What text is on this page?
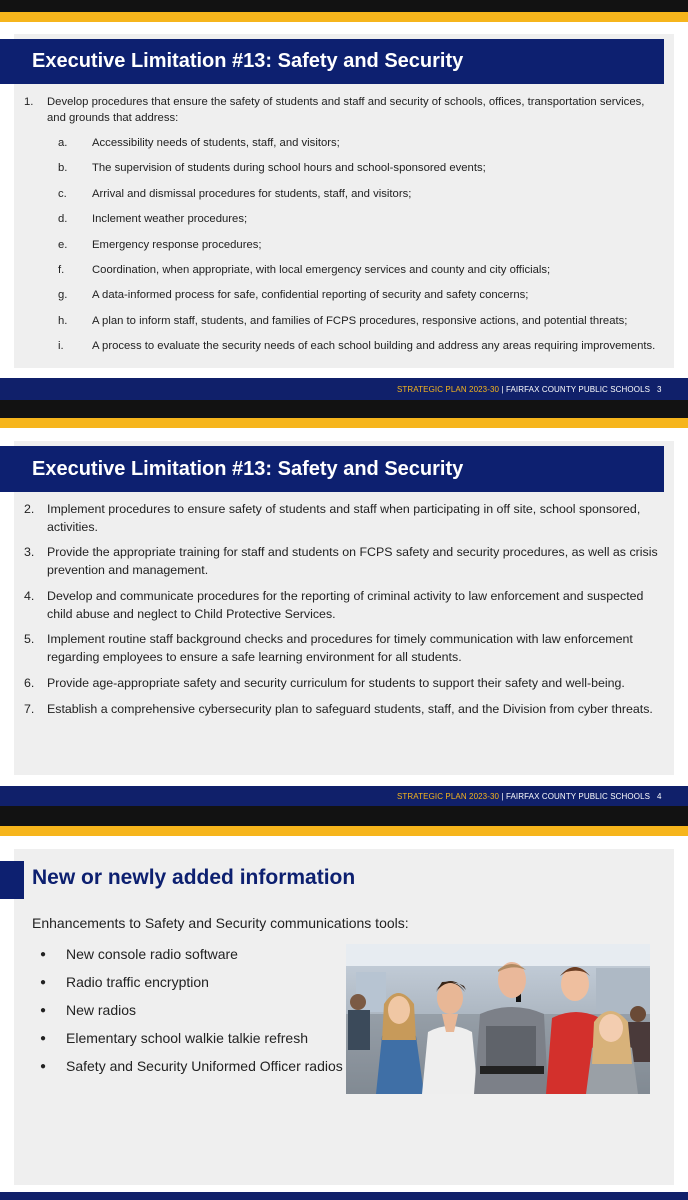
Executive Limitation #13: Safety and Security
1.	Develop procedures that ensure the safety of students and staff and security of schools, offices, transportation services, and grounds that address:
a.	Accessibility needs of students, staff, and visitors;
b.	The supervision of students during school hours and school-sponsored events;
c.	Arrival and dismissal procedures for students, staff, and visitors;
d.	Inclement weather procedures;
e.	Emergency response procedures;
f.	Coordination, when appropriate, with local emergency services and county and city officials;
g.	A data-informed process for safe, confidential reporting of security and safety concerns;
h.	A plan to inform staff, students, and families of FCPS procedures, responsive actions, and potential threats;
i.	A process to evaluate the security needs of each school building and address any areas requiring improvements.
STRATEGIC PLAN 2023-30 | FAIRFAX COUNTY PUBLIC SCHOOLS 3
Executive Limitation #13: Safety and Security
2.	Implement procedures to ensure safety of students and staff when participating in off site, school sponsored, activities.
3.	Provide the appropriate training for staff and students on FCPS safety and security procedures, as well as crisis prevention and management.
4.	Develop and communicate procedures for the reporting of criminal activity to law enforcement and suspected child abuse and neglect to Child Protective Services.
5.	Implement routine staff background checks and procedures for timely communication with law enforcement regarding employees to ensure a safe learning environment for all students.
6.	Provide age-appropriate safety and security curriculum for students to support their safety and well-being.
7.	Establish a comprehensive cybersecurity plan to safeguard students, staff, and the Division from cyber threats.
STRATEGIC PLAN 2023-30 | FAIRFAX COUNTY PUBLIC SCHOOLS 4
New or newly added information
Enhancements to Safety and Security communications tools:
●	New console radio software
●	Radio traffic encryption
●	New radios
●	Elementary school walkie talkie refresh
●	Safety and Security Uniformed Officer radios
